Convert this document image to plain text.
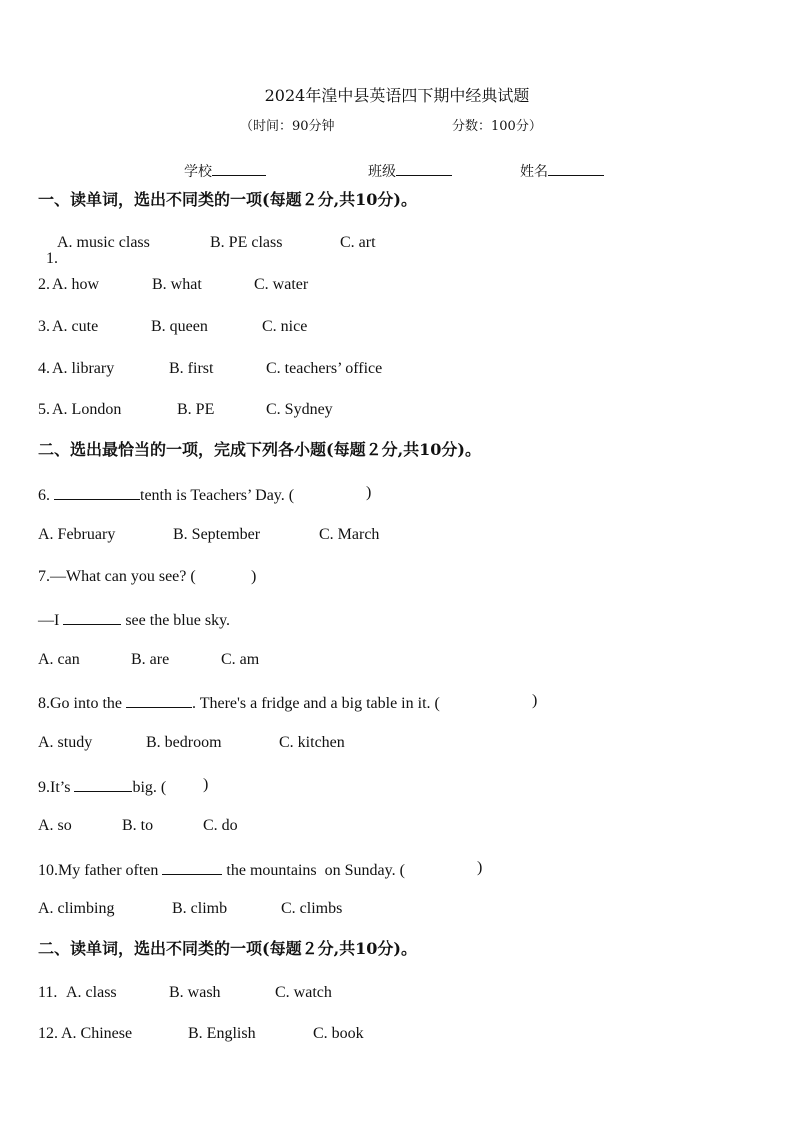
2024年湟中县英语四下期中经典试题
（时间：90分钟	分数：100分）
学校	班级	姓名
一、读单词，选出不同类的一项(每题２分,共10分)。

1.

A. music class	B. PE class	C. art
2. A. how	B. what	C. water
3. A. cute	B. queen	C. nice
4. A. library	B. first	C. teachers’ office
5. A. London	B. PE	C. Sydney
二、选出最恰当的一项，完成下列各小题(每题２分,共10分)。
6.	tenth is Teachers’ Day. (	)
A. February	B. September	C. March
7.—What can you see? (	)
—I	see the blue sky.
A. can	B. are	C. am
8.Go into the	. There's a fridge and a big table in it. (	)
A. study	B. bedroom	C. kitchen
9.It’s	big. ( )
A. so	B. to	C. do
10.My father often	the mountains  on Sunday. (	)
A. climbing	B. climb	C. climbs
二、读单词，选出不同类的一项(每题２分,共10分)。
11. A. class	B. wash	C. watch
12. A. Chinese	B. English	C. book
